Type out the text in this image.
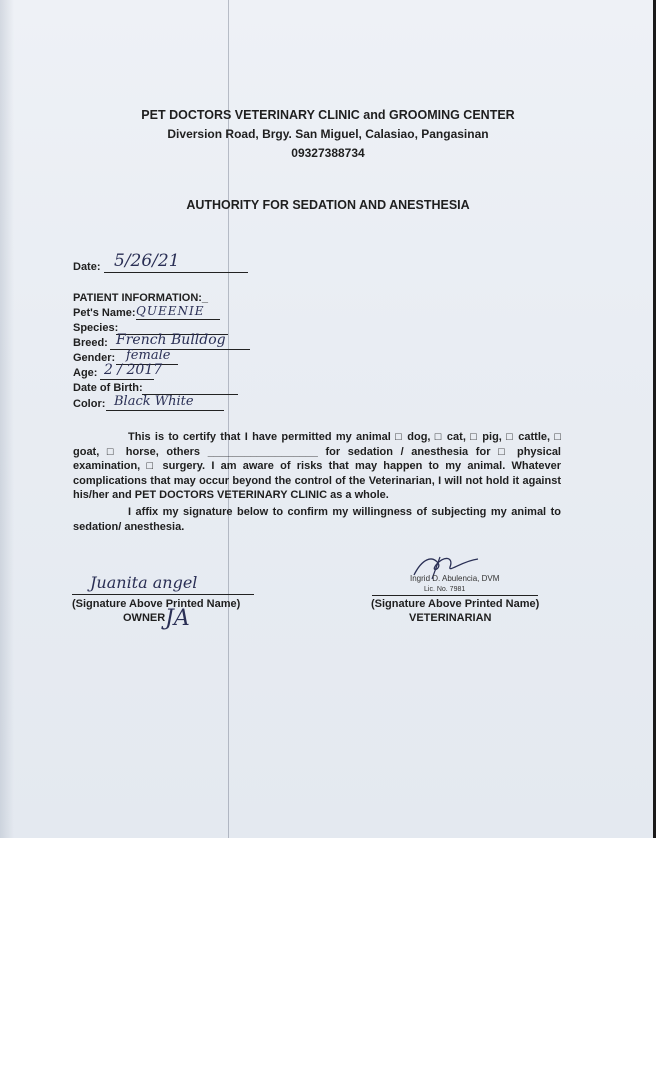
PET DOCTORS VETERINARY CLINIC and GROOMING CENTER
Diversion Road, Brgy. San Miguel, Calasiao, Pangasinan
09327388734
AUTHORITY FOR SEDATION AND ANESTHESIA
Date: 5/26/21
PATIENT INFORMATION:_
Pet's Name: QUEENIE
Species:
Breed: French Bulldog
Gender: female
Age: 2 / 2017
Date of Birth:
Color: Black White

This is to certify that I have permitted my animal □ dog, □ cat, □ pig, □ cattle, □ goat, □ horse, others __________________ for sedation / anesthesia for □ physical examination, □ surgery. I am aware of risks that may happen to my animal. Whatever complications that may occur beyond the control of the Veterinarian, I will not hold it against his/her and PET DOCTORS VETERINARY CLINIC as a whole.

I affix my signature below to confirm my willingness of subjecting my animal to sedation/ anesthesia.

Juanita angel
(Signature Above Printed Name)
OWNER JA
Ingrid D. Abulencia, DVM
Lic. No. 7981
(Signature Above Printed Name)
VETERINARIAN
